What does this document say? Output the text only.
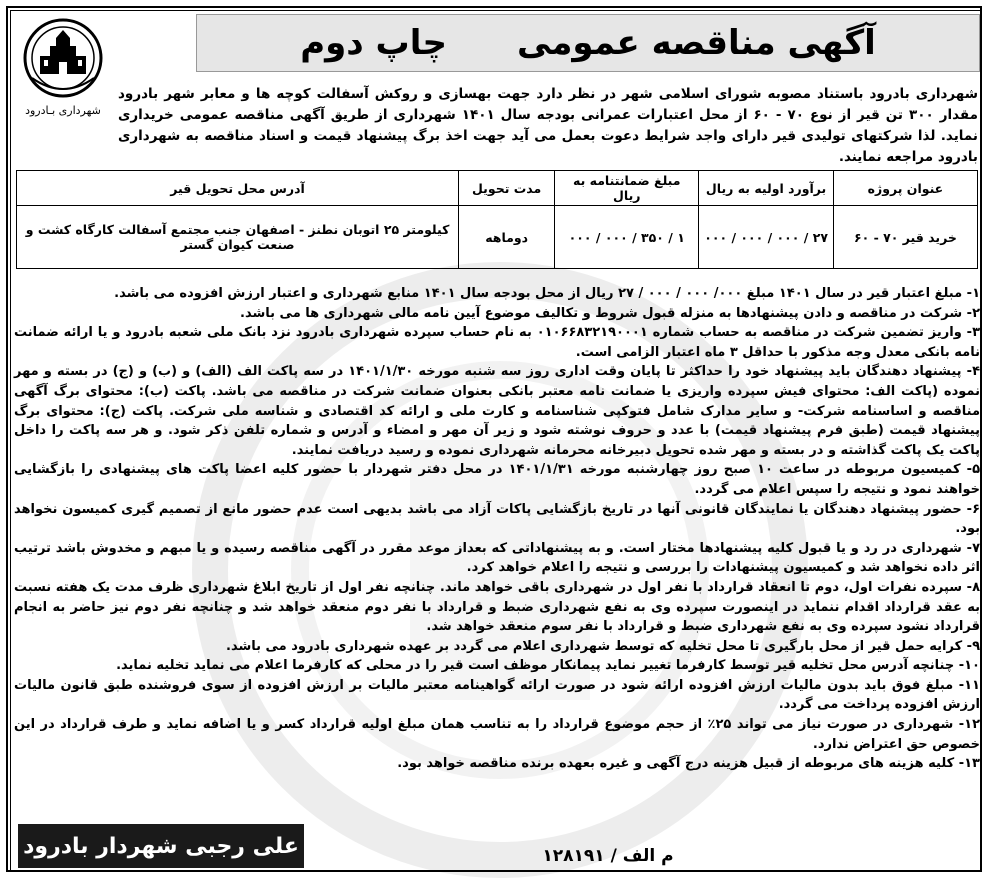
شهرداری بـادرود
آگهی مناقصه عمومی
چاپ دوم
شهرداری بادرود باستناد مصوبه شورای اسلامی شهر در نظر دارد جهت بهسازی و روکش آسفالت کوچه ها و معابر شهر بادرود مقدار ۳۰۰ تن قیر از نوع ۷۰ - ۶۰ از محل اعتبارات عمرانی بودجه سال ۱۴۰۱ شهرداری از طریق آگهی مناقصه عمومی خریداری نماید. لذا شرکتهای تولیدی قیر دارای واجد شرایط دعوت بعمل می آید جهت اخذ برگ پیشنهاد قیمت و اسناد مناقصه به شهرداری بادرود مراجعه نمایند.
عنوان پروژه	برآورد اولیه به ریال	مبلغ ضمانتنامه به ریال	مدت تحویل	آدرس محل تحویل قیر
خرید قیر ۷۰ - ۶۰	۲۷ / ۰۰۰ / ۰۰۰ / ۰۰۰	۱ / ۳۵۰ / ۰۰۰ / ۰۰۰	دوماهه	کیلومتر ۲۵ اتوبان نطنز - اصفهان جنب مجتمع آسفالت کارگاه کشت و صنعت کیوان گستر

۱- مبلغ اعتبار قیر در سال ۱۴۰۱ مبلغ ۰۰۰/ ۰۰۰ / ۰۰۰ / ۲۷ ریال از محل بودجه سال ۱۴۰۱ منابع شهرداری و اعتبار ارزش افزوده می باشد.

۲- شرکت در مناقصه و دادن پیشنهادها به منزله قبول شروط و تکالیف موضوع آیین نامه مالی شهرداری ها می باشد.

۳- واریز تضمین شرکت در مناقصه به حساب شماره ۰۱۰۶۶۸۳۲۱۹۰۰۰۱ به نام حساب سپرده شهرداری بادرود نزد بانک ملی شعبه بادرود و یا ارائه ضمانت نامه بانکی معدل وجه مذکور با حداقل ۳ ماه اعتبار الزامی است.

۴- پیشنهاد دهندگان باید پیشنهاد خود را حداکثر تا پایان وقت اداری روز سه شنبه مورخه ۱۴۰۱/۱/۳۰ در سه پاکت الف (الف) و (ب) و (ج) در بسته و مهر نموده (پاکت الف: محتوای فیش سپرده واریزی یا ضمانت نامه معتبر بانکی بعنوان ضمانت شرکت در مناقصه می باشد. پاکت (ب): محتوای برگ آگهی مناقصه و اساسنامه شرکت- و سایر مدارک شامل فتوکپی شناسنامه و کارت ملی و ارائه کد اقتصادی و شناسه ملی شرکت. پاکت (ج): محتوای برگ پیشنهاد قیمت (طبق فرم پیشنهاد قیمت) با عدد و حروف نوشته شود و زیر آن مهر و امضاء و آدرس و شماره تلفن ذکر شود. و هر سه پاکت را داخل پاکت یک پاکت گذاشته و در بسته و مهر شده تحویل دبیرخانه محرمانه شهرداری نموده و رسید دریافت نمایند.

۵- کمیسیون مربوطه در ساعت ۱۰ صبح روز چهارشنبه مورخه ۱۴۰۱/۱/۳۱ در محل دفتر شهردار با حضور کلیه اعضا پاکت های پیشنهادی را بازگشایی خواهند نمود و نتیجه را سپس اعلام می گردد.

۶- حضور پیشنهاد دهندگان یا نمایندگان قانونی آنها در تاریخ بازگشایی پاکات آزاد می باشد بدیهی است عدم حضور مانع از تصمیم گیری کمیسون نخواهد بود.

۷- شهرداری در رد و یا قبول کلیه پیشنهادها مختار است. و به پیشنهاداتی که بعداز موعد مقرر در آگهی مناقصه رسیده و یا مبهم و مخدوش باشد ترتیب اثر داده نخواهد شد و کمیسیون پیشنهادات را بررسی و نتیجه را اعلام خواهد کرد.

۸- سپرده نفرات اول، دوم تا انعقاد قرارداد با نفر اول در شهرداری باقی خواهد ماند. چنانچه نفر اول از تاریخ ابلاغ شهرداری ظرف مدت یک هفته نسبت به عقد قرارداد اقدام ننماید در اینصورت سپرده وی به نفع شهرداری ضبط و قرارداد با نفر دوم منعقد خواهد شد و چنانچه نفر دوم نیز حاضر به انجام قرارداد نشود سپرده وی به نفع شهرداری ضبط و قرارداد با نفر سوم منعقد خواهد شد.

۹- کرایه حمل قیر از محل بارگیری تا محل تخلیه که توسط شهرداری اعلام می گردد بر عهده شهرداری بادرود می باشد.

۱۰- چنانچه آدرس محل تخلیه قیر توسط کارفرما تغییر نماید پیمانکار موظف است قیر را در محلی که کارفرما اعلام می نماید تخلیه نماید.

۱۱- مبلغ فوق باید بدون مالیات ارزش افزوده ارائه شود در صورت ارائه گواهینامه معتبر مالیات بر ارزش افزوده از سوی فروشنده طبق قانون مالیات ارزش افزوده پرداخت می گردد.

۱۲- شهرداری در صورت نیاز می تواند ۲۵٪ از حجم موضوع قرارداد را به تناسب همان مبلغ اولیه قرارداد کسر و یا اضافه نماید و طرف قرارداد در این خصوص حق اعتراض ندارد.

۱۳- کلیه هزینه های مربوطه از قبیل هزینه درج آگهی و غیره بعهده برنده مناقصه خواهد بود.

علی رجبی شهردار بادرود	م الف / ۱۲۸۱۹۱
